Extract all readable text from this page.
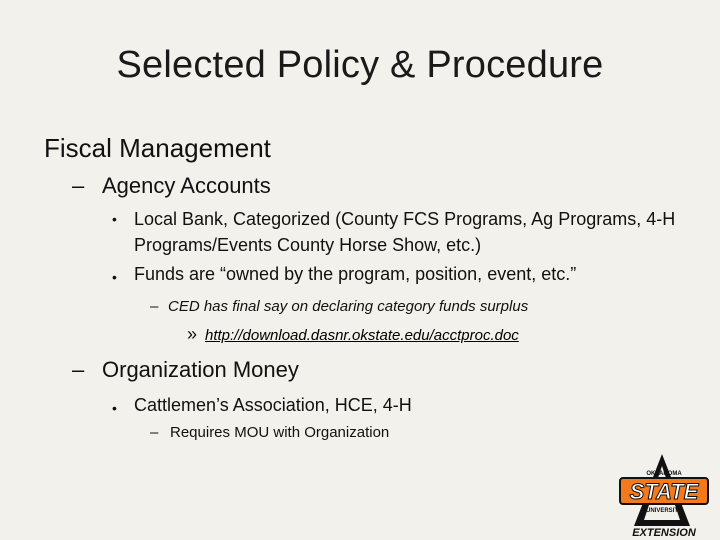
Selected Policy & Procedure
Fiscal Management
– Agency Accounts
• Local Bank, Categorized (County FCS Programs, Ag Programs, 4-H Programs/Events County Horse Show, etc.)
• Funds are “owned by the program, position, event, etc.”
– CED has final say on declaring category funds surplus
» http://download.dasnr.okstate.edu/acctproc.doc
– Organization Money
• Cattlemen’s Association, HCE, 4-H
– Requires MOU with Organization
OKLAHOMA
STATE
UNIVERSITY
EXTENSION
